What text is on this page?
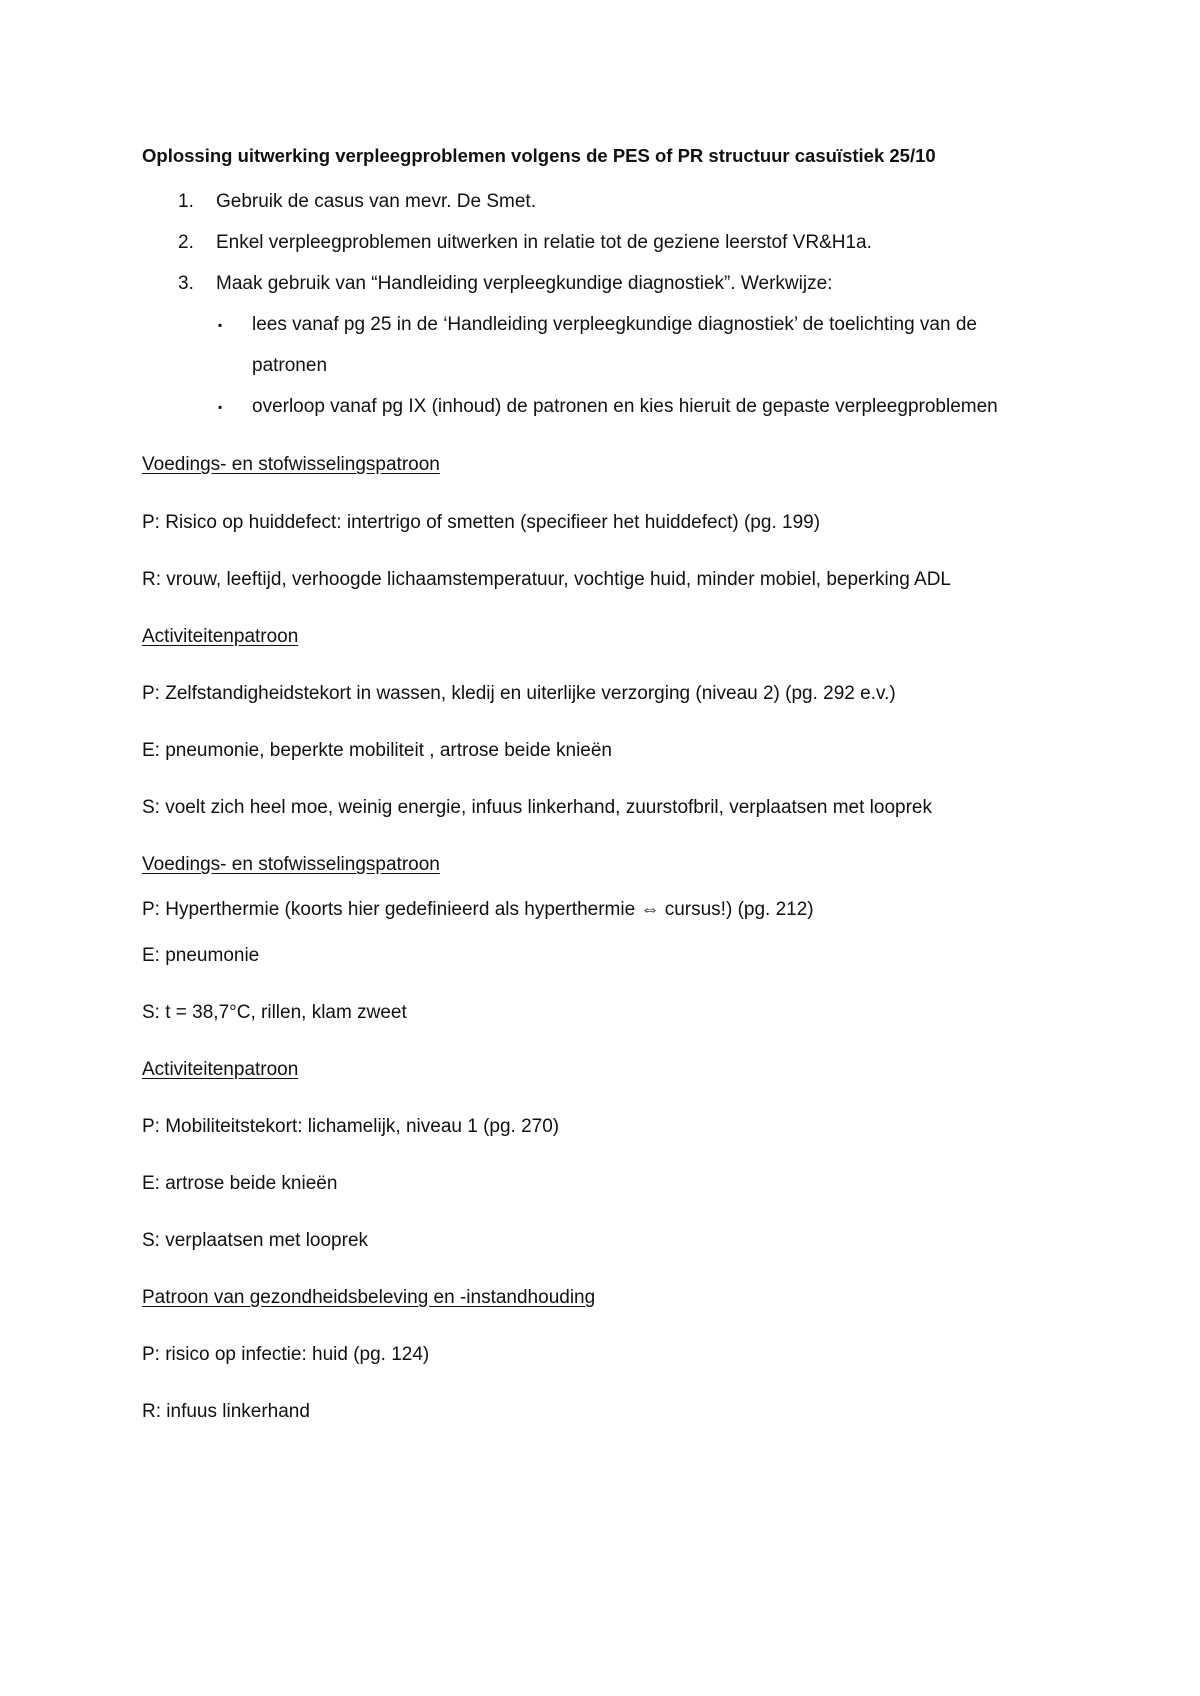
Oplossing uitwerking verpleegproblemen volgens de PES of PR structuur casuïstiek 25/10
1. Gebruik de casus van mevr. De Smet.
2. Enkel verpleegproblemen uitwerken in relatie tot de geziene leerstof VR&H1a.
3. Maak gebruik van “Handleiding verpleegkundige diagnostiek”. Werkwijze:
▪ lees vanaf pg 25 in de ‘Handleiding verpleegkundige diagnostiek’ de toelichting van de
patronen
▪ overloop vanaf pg IX (inhoud) de patronen en kies hieruit de gepaste verpleegproblemen
Voedings- en stofwisselingspatroon
P: Risico op huiddefect: intertrigo of smetten (specifieer het huiddefect) (pg. 199)
R: vrouw, leeftijd, verhoogde lichaamstemperatuur, vochtige huid, minder mobiel, beperking ADL
Activiteitenpatroon
P: Zelfstandigheidstekort in wassen, kledij en uiterlijke verzorging (niveau 2) (pg. 292 e.v.)
E: pneumonie, beperkte mobiliteit , artrose beide knieën
S: voelt zich heel moe, weinig energie, infuus linkerhand, zuurstofbril, verplaatsen met looprek
Voedings- en stofwisselingspatroon
P: Hyperthermie (koorts hier gedefinieerd als hyperthermie ⇔ cursus!) (pg. 212)
E: pneumonie
S: t = 38,7°C, rillen, klam zweet
Activiteitenpatroon
P: Mobiliteitstekort: lichamelijk, niveau 1 (pg. 270)
E: artrose beide knieën
S: verplaatsen met looprek
Patroon van gezondheidsbeleving en -instandhouding
P: risico op infectie: huid (pg. 124)
R: infuus linkerhand
